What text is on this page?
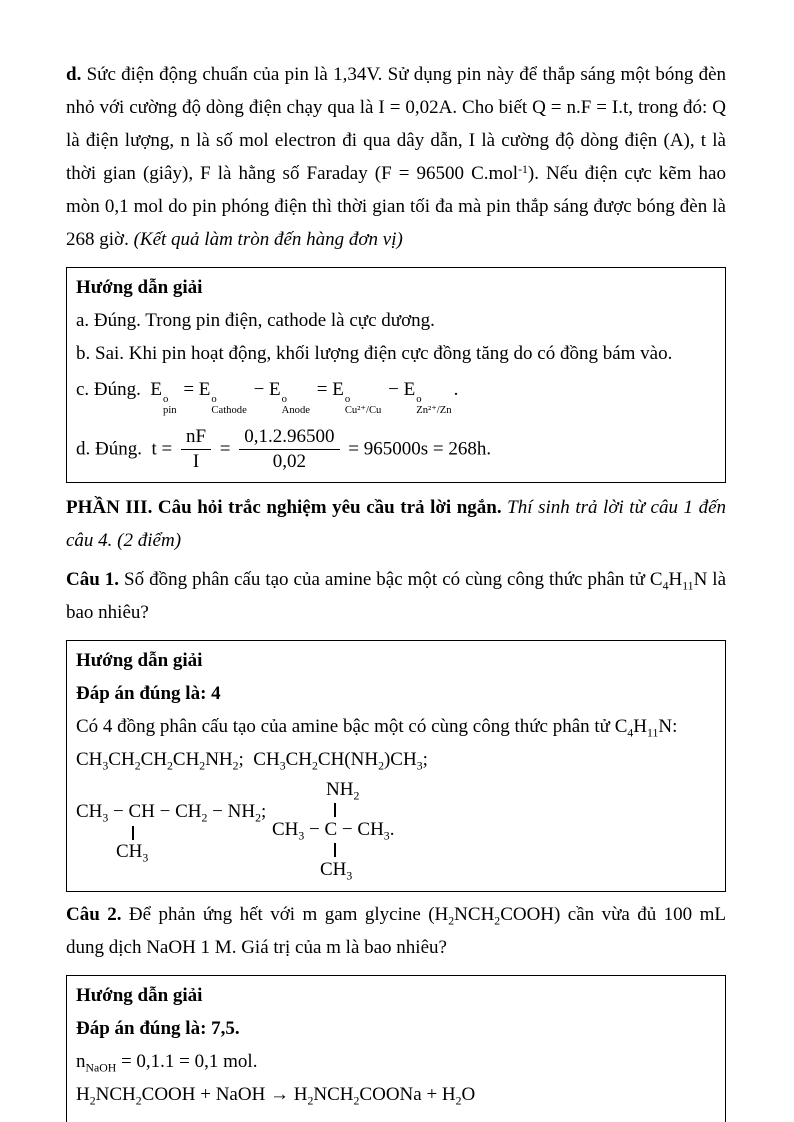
d. Sức điện động chuẩn của pin là 1,34V. Sử dụng pin này để thắp sáng một bóng đèn nhỏ với cường độ dòng điện chạy qua là I = 0,02A. Cho biết Q = n.F = I.t, trong đó: Q là điện lượng, n là số mol electron đi qua dây dẫn, I là cường độ dòng điện (A), t là thời gian (giây), F là hằng số Faraday (F = 96500 C.mol$^{-1}$). Nếu điện cực kẽm hao mòn 0,1 mol do pin phóng điện thì thời gian tối đa mà pin thắp sáng được bóng đèn là 268 giờ. (Kết quả làm tròn đến hàng đơn vị)

Hướng dẫn giải

a. Đúng. Trong pin điện, cathode là cực dương.

b. Sai. Khi pin hoạt động, khối lượng điện cực đồng tăng do có đồng bám vào.

c. Đúng.  E o
pin
= E o
Cathode
− E o
Anode
= E o
Cu²⁺/Cu
− E o
Zn²⁺/Zn
.

d. Đúng.  $t = \frac{nF}{I} = \frac{0,1.2.96500}{0,02} = 965000s = 268h$.

PHẦN III. Câu hỏi trắc nghiệm yêu cầu trả lời ngắn. Thí sinh trả lời từ câu 1 đến câu 4. (2 điểm)

Câu 1. Số đồng phân cấu tạo của amine bậc một có cùng công thức phân tử $C_4H_{11}N$ là bao nhiêu?

Hướng dẫn giải

Đáp án đúng là: 4

Có 4 đồng phân cấu tạo của amine bậc một có cùng công thức phân tử $C_4H_{11}N$:

$CH_3CH_2CH_2CH_2NH_2$;  $CH_3CH_2CH(NH_2)CH_3$;

$CH_3$ − CH − $CH_2 - NH_2$;
$CH_3$
$NH_2$
$CH_3 - C - CH_3$.
$CH_3$

Câu 2. Để phản ứng hết với m gam glycine $(H_2NCH_2COOH)$ cần vừa đủ 100 mL dung dịch NaOH 1 M. Giá trị của m là bao nhiêu?

Hướng dẫn giải

Đáp án đúng là: 7,5.

$n_{NaOH} = 0,1.1 = 0,1$ mol.

$H_2NCH_2COOH$ + NaOH → $H_2NCH_2COONa + H_2O$
